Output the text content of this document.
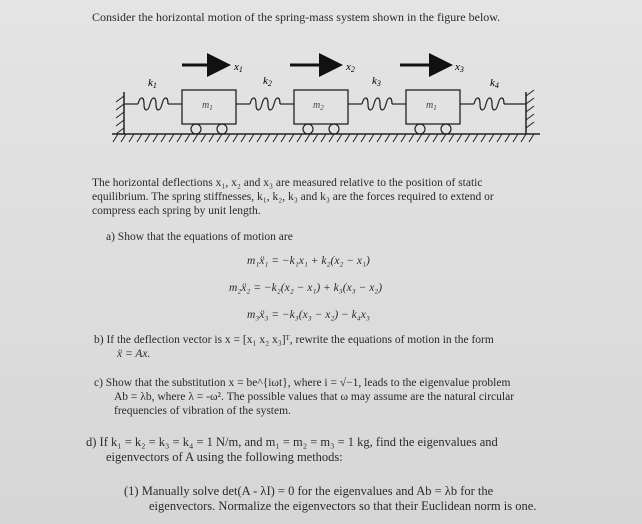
Consider the horizontal motion of the spring-mass system shown in the figure below.
x1	x2	x3
k1	k2	k3	k4
$m_1$	$m_2$	$m_1$
The horizontal deflections x₁, x₂ and x₃ are measured relative to the position of static
equilibrium. The spring stiffnesses, k₁, k₂, k₃ and k₃ are the forces required to extend or
compress each spring by unit length.
a) Show that the equations of motion are
m₁ẍ₁ = −k₁x₁ + k₂(x₂ − x₁)
m₂ẍ₂ = −k₂(x₂ − x₁) + k₃(x₃ − x₂)
m₃ẍ₃ = −k₃(x₃ − x₂) − k₄x₃
b) If the deflection vector is x = [x₁ x₂ x₃]ᵀ, rewrite the equations of motion in the form
ẍ = Ax.
c) Show that the substitution x = be^{iωt}, where i = √−1, leads to the eigenvalue problem
Ab = λb, where λ = -ω². The possible values that ω may assume are the natural circular
frequencies of vibration of the system.
d) If k₁ = k₂ = k₃ = k₄ = 1 N/m, and m₁ = m₂ = m₃ = 1 kg, find the eigenvalues and
eigenvectors of A using the following methods:
(1) Manually solve det(A - λI) = 0 for the eigenvalues and Ab = λb for the
eigenvectors. Normalize the eigenvectors so that their Euclidean norm is one.
